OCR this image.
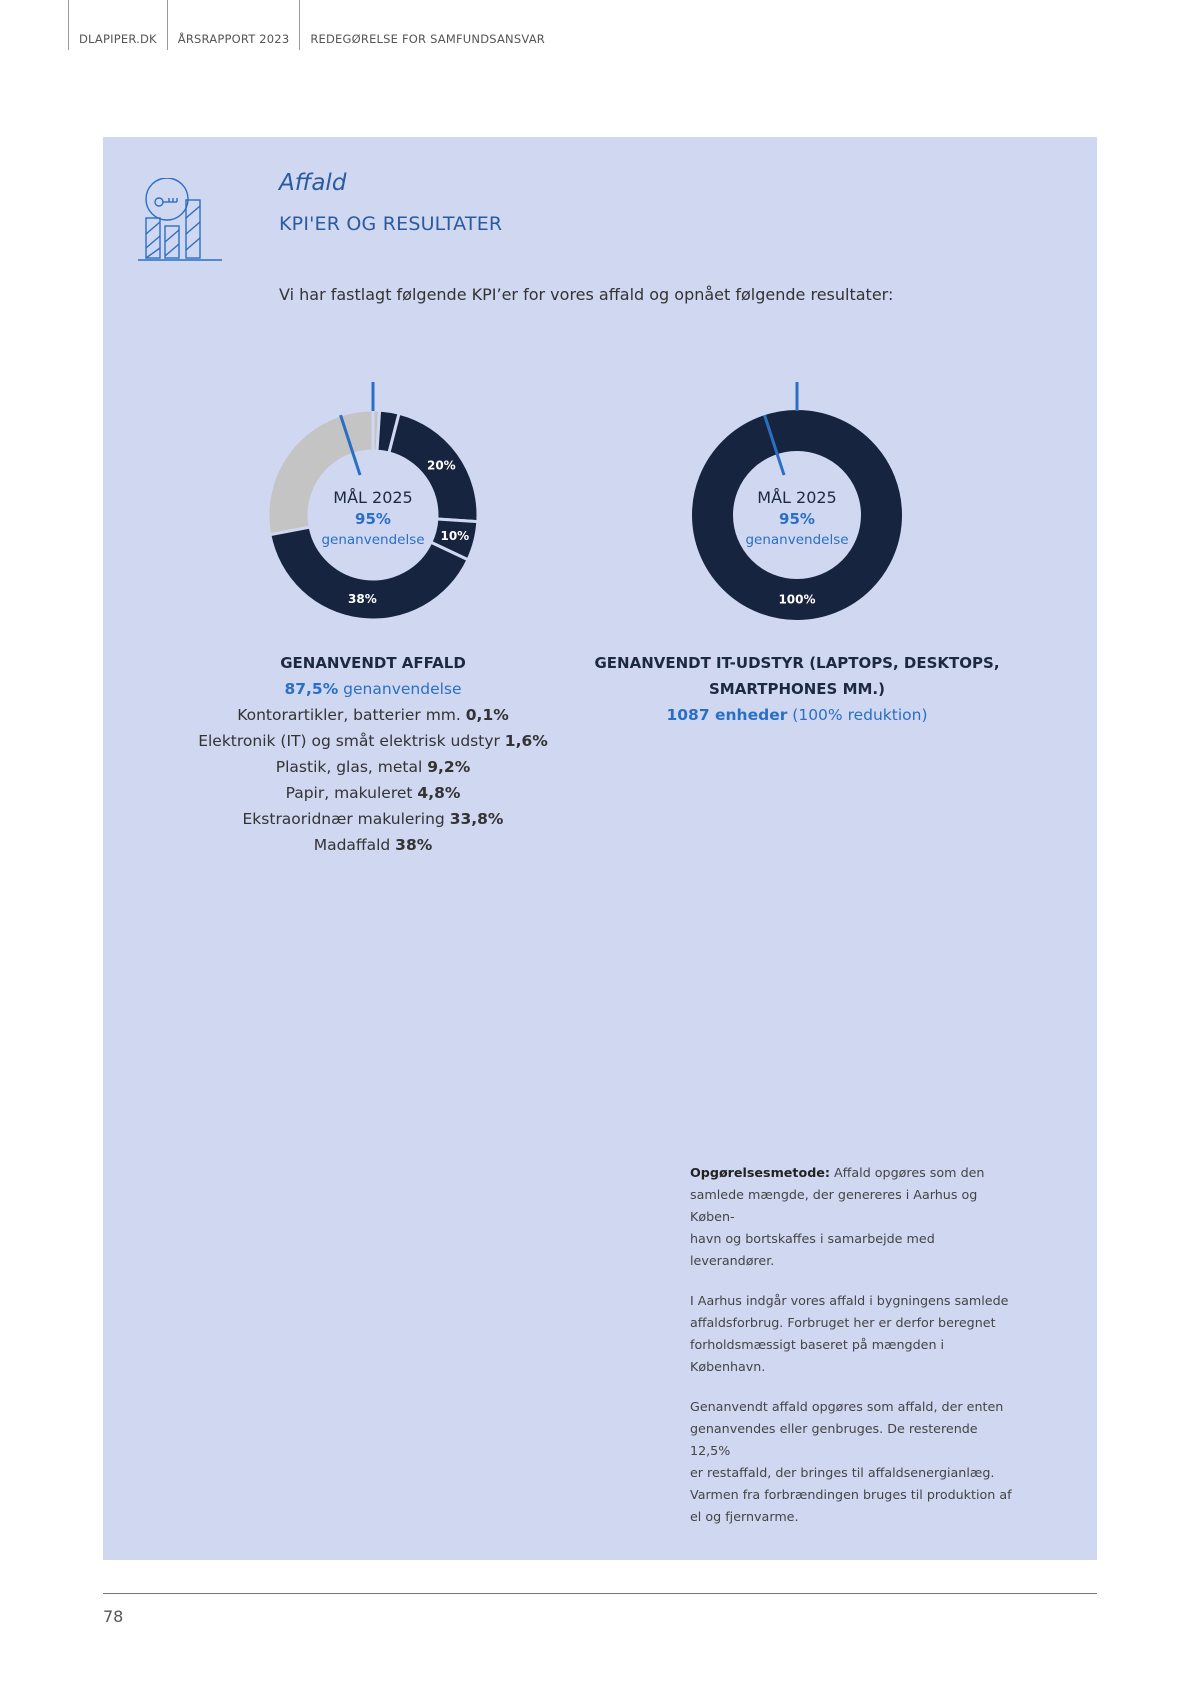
DLAPIPER.DK	ÅRSRAPPORT 2023	REDEGØRELSE FOR SAMFUNDSANSVAR
Affald
KPI'ER OG RESULTATER
Vi har fastlagt følgende KPI’er for vores affald og opnået følgende resultater:
20%
10%
38%
MÅL 2025
95%
genanvendelse
100%
MÅL 2025
95%
genanvendelse
GENANVENDT AFFALD
87,5% genanvendelse
Kontorartikler, batterier mm. 0,1%
Elektronik (IT) og småt elektrisk udstyr 1,6%
Plastik, glas, metal 9,2%
Papir, makuleret 4,8%
Ekstraoridnær makulering 33,8%
Madaffald 38%
GENANVENDT IT-UDSTYR (LAPTOPS, DESKTOPS,
SMARTPHONES MM.)
1087 enheder (100% reduktion)

Opgørelsesmetode: Affald opgøres som den
samlede mængde, der genereres i Aarhus og Køben-
havn og bortskaffes i samarbejde med leverandører.

I Aarhus indgår vores affald i bygningens samlede
affaldsforbrug. Forbruget her er derfor beregnet
forholdsmæssigt baseret på mængden i København.

Genanvendt affald opgøres som affald, der enten
genanvendes eller genbruges. De resterende 12,5%
er restaffald, der bringes til affaldsenergianlæg.
Varmen fra forbrændingen bruges til produktion af
el og fjernvarme.

78
